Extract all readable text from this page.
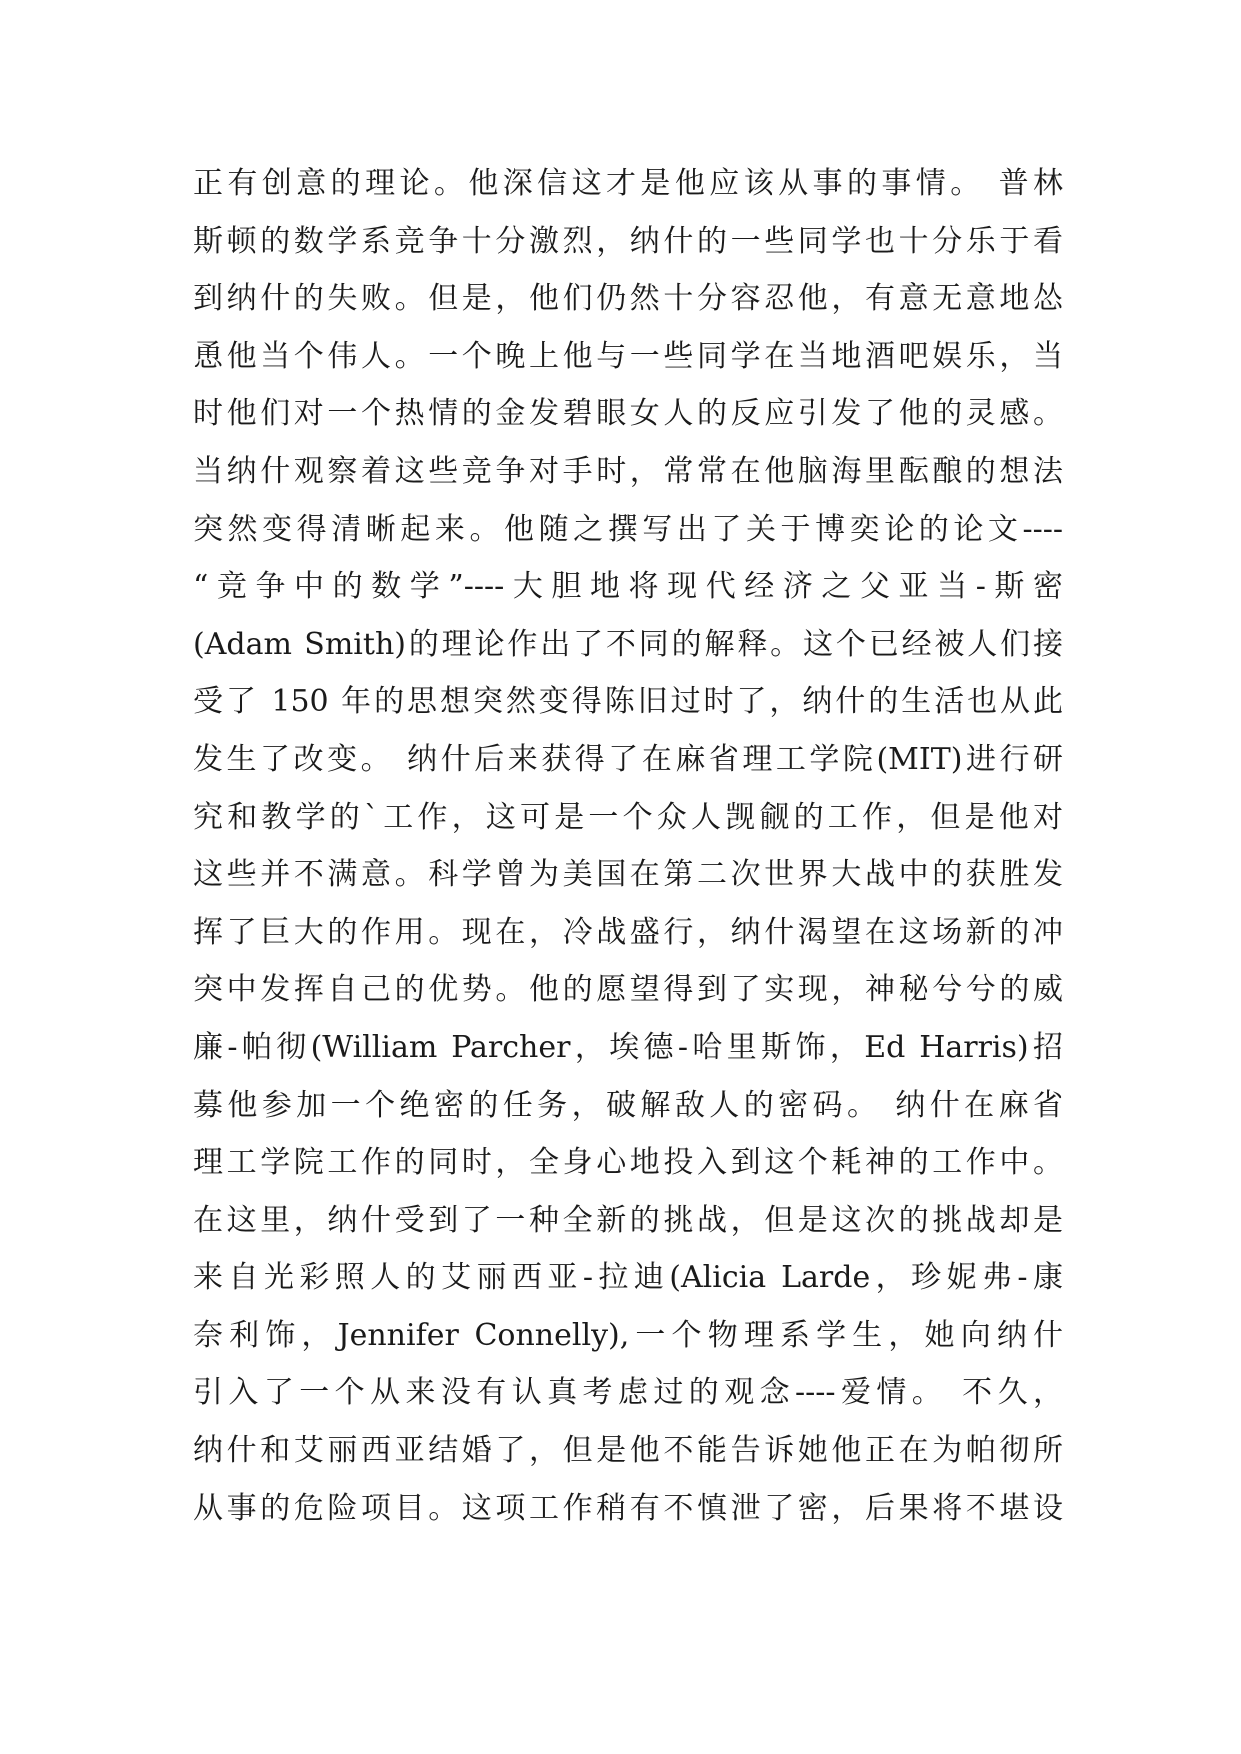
正有创意的理论。他深信这才是他应该从事的事情。 普林
斯顿的数学系竞争十分激烈，纳什的一些同学也十分乐于看
到纳什的失败。但是，他们仍然十分容忍他，有意无意地怂
恿他当个伟人。一个晚上他与一些同学在当地酒吧娱乐，当
时他们对一个热情的金发碧眼女人的反应引发了他的灵感。
当纳什观察着这些竞争对手时，常常在他脑海里酝酿的想法
突然变得清晰起来。他随之撰写出了关于博奕论的论文----
“竞争中的数学”----大胆地将现代经济之父亚当-斯密
(Adam Smith)的理论作出了不同的解释。这个已经被人们接
受了 150 年的思想突然变得陈旧过时了，纳什的生活也从此
发生了改变。 纳什后来获得了在麻省理工学院(MIT)进行研
究和教学的`工作，这可是一个众人觊觎的工作，但是他对
这些并不满意。科学曾为美国在第二次世界大战中的获胜发
挥了巨大的作用。现在，冷战盛行，纳什渴望在这场新的冲
突中发挥自己的优势。他的愿望得到了实现，神秘兮兮的威
廉-帕彻(William Parcher，埃德-哈里斯饰，Ed Harris)招
募他参加一个绝密的任务，破解敌人的密码。 纳什在麻省
理工学院工作的同时，全身心地投入到这个耗神的工作中。
在这里，纳什受到了一种全新的挑战，但是这次的挑战却是
来自光彩照人的艾丽西亚-拉迪(Alicia Larde，珍妮弗-康
奈利饰，Jennifer Connelly),一个物理系学生，她向纳什
引入了一个从来没有认真考虑过的观念----爱情。 不久，
纳什和艾丽西亚结婚了，但是他不能告诉她他正在为帕彻所
从事的危险项目。这项工作稍有不慎泄了密，后果将不堪设
